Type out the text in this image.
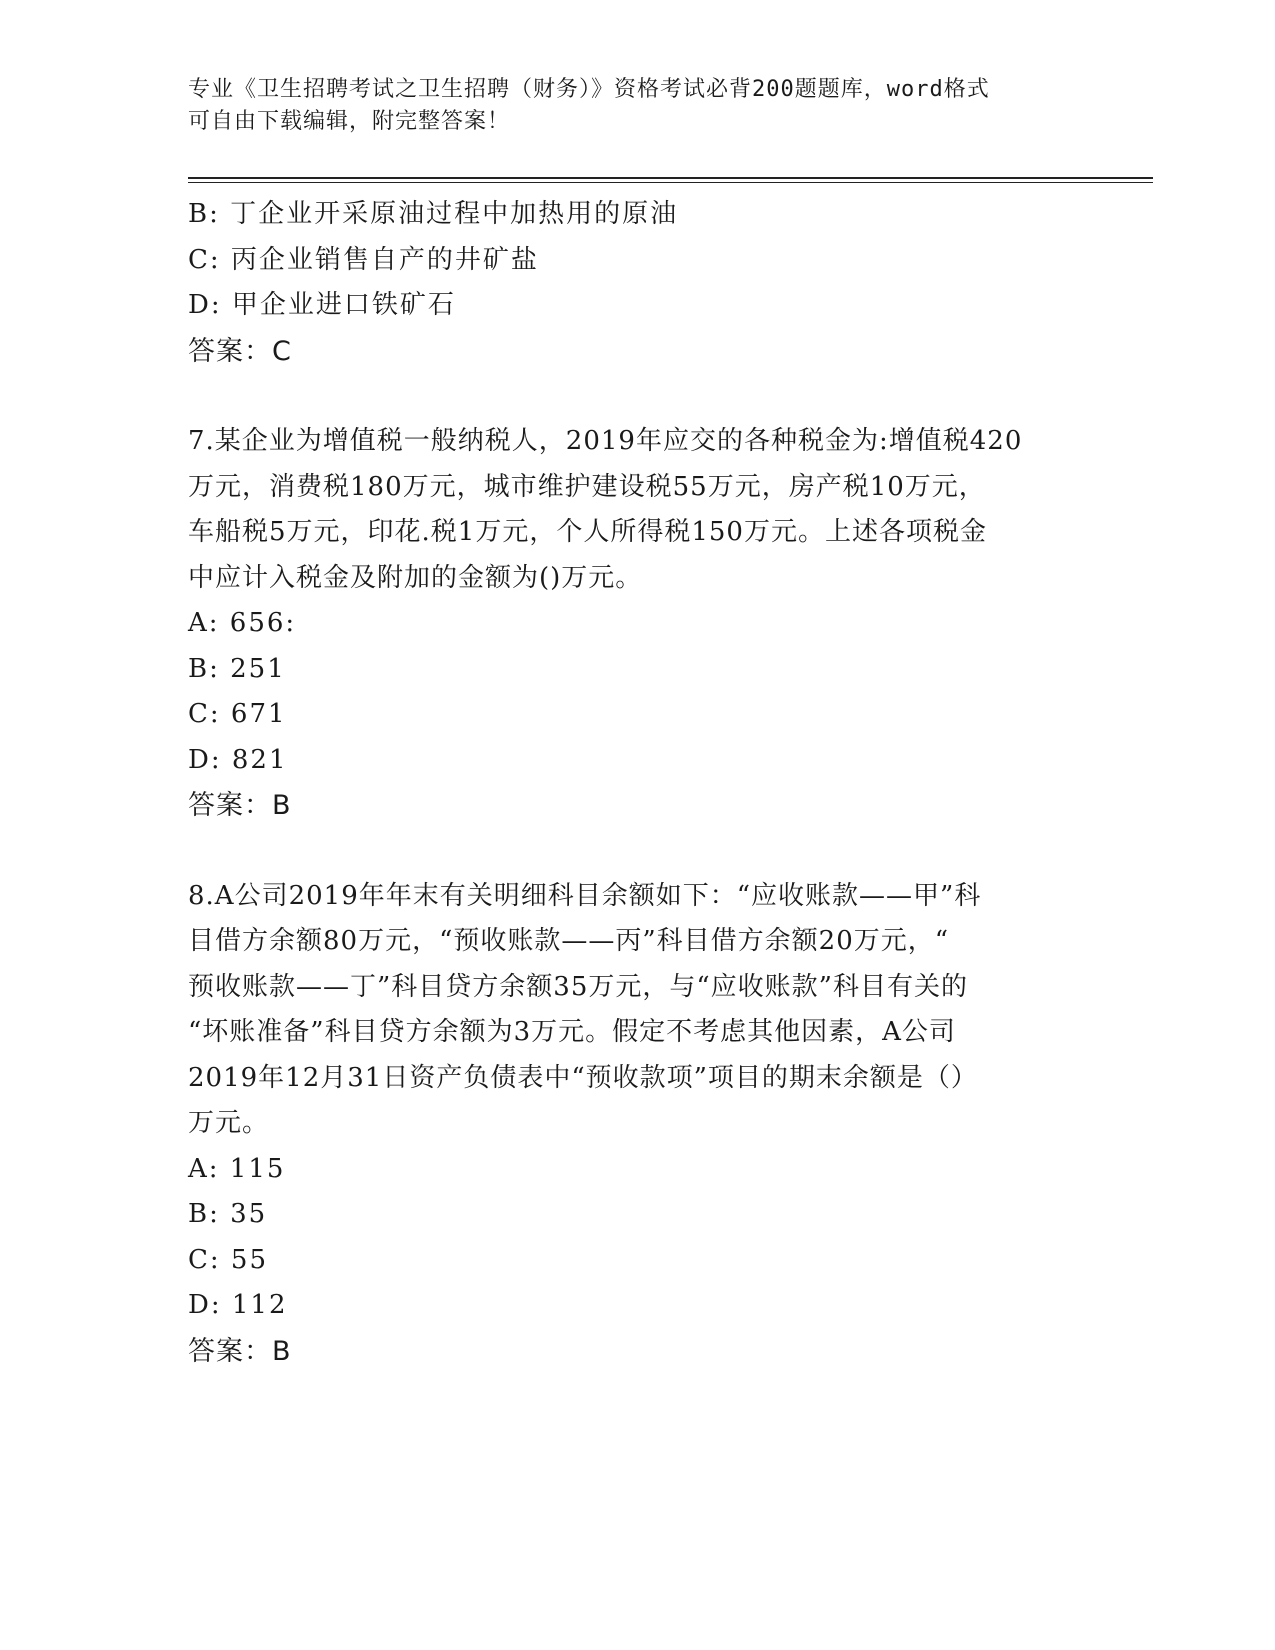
专业《卫生招聘考试之卫生招聘（财务）》资格考试必背200题题库，word格式
可自由下载编辑，附完整答案！
B: 丁企业开采原油过程中加热用的原油
C: 丙企业销售自产的井矿盐
D: 甲企业进口铁矿石
答案：C
7.某企业为增值税一般纳税人，2019年应交的各种税金为:增值税420
万元，消费税180万元，城市维护建设税55万元，房产税10万元，
车船税5万元，印花.税1万元，个人所得税150万元。上述各项税金
中应计入税金及附加的金额为()万元。
A: 656:
B: 251
C: 671
D: 821
答案：B
8.A公司2019年年末有关明细科目余额如下：“应收账款——甲”科
目借方余额80万元，“预收账款——丙”科目借方余额20万元，“
预收账款——丁”科目贷方余额35万元，与“应收账款”科目有关的
“坏账准备”科目贷方余额为3万元。假定不考虑其他因素，A公司
2019年12月31日资产负债表中“预收款项”项目的期末余额是（）
万元。
A: 115
B: 35
C: 55
D: 112
答案：B
